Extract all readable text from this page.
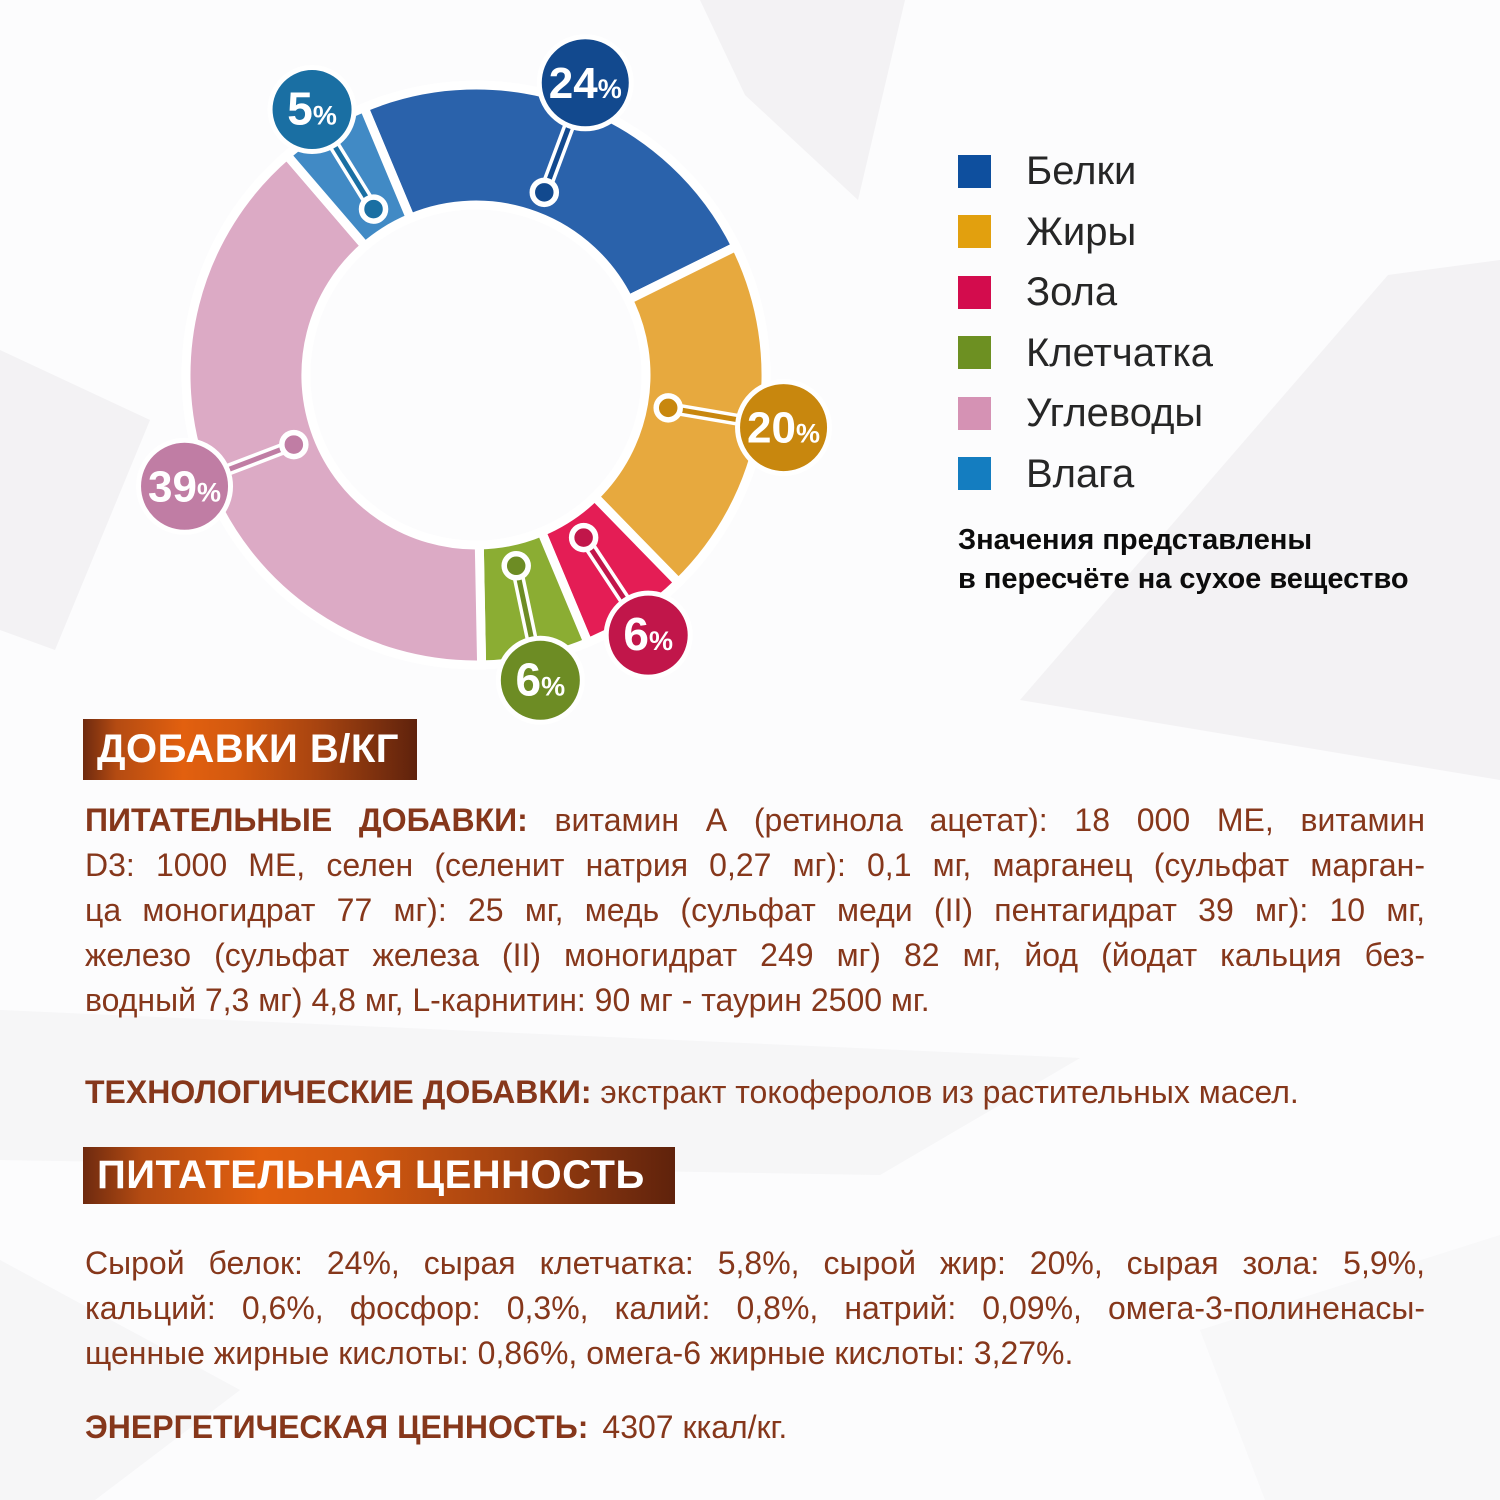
24%
20%
6%
6%
39%
5%
Белки
Жиры
Зола
Клетчатка
Углеводы
Влага
Значения представлены
в пересчёте на сухое вещество
ДОБАВКИ В/КГ
ПИТАТЕЛЬНЫЕ ДОБАВКИ: витамин А (ретинола ацетат): 18 000 МЕ, витамин
D3: 1000 МЕ, селен (селенит натрия 0,27 мг): 0,1 мг, марганец (сульфат марган-
ца моногидрат 77 мг): 25 мг, медь (сульфат меди (II) пентагидрат 39 мг): 10 мг,
железо (сульфат железа (II) моногидрат 249 мг) 82 мг, йод (йодат кальция без-
водный 7,3 мг) 4,8 мг, L-карнитин: 90 мг - таурин 2500 мг.
ТЕХНОЛОГИЧЕСКИЕ ДОБАВКИ: экстракт токоферолов из растительных масел.
ПИТАТЕЛЬНАЯ ЦЕННОСТЬ
Сырой белок: 24%, сырая клетчатка: 5,8%, сырой жир: 20%, сырая зола: 5,9%,
кальций: 0,6%, фосфор: 0,3%, калий: 0,8%, натрий: 0,09%, омега-3-полиненасы-
щенные жирные кислоты: 0,86%, омега-6 жирные кислоты: 3,27%.
ЭНЕРГЕТИЧЕСКАЯ ЦЕННОСТЬ: 4307 ккал/кг.
